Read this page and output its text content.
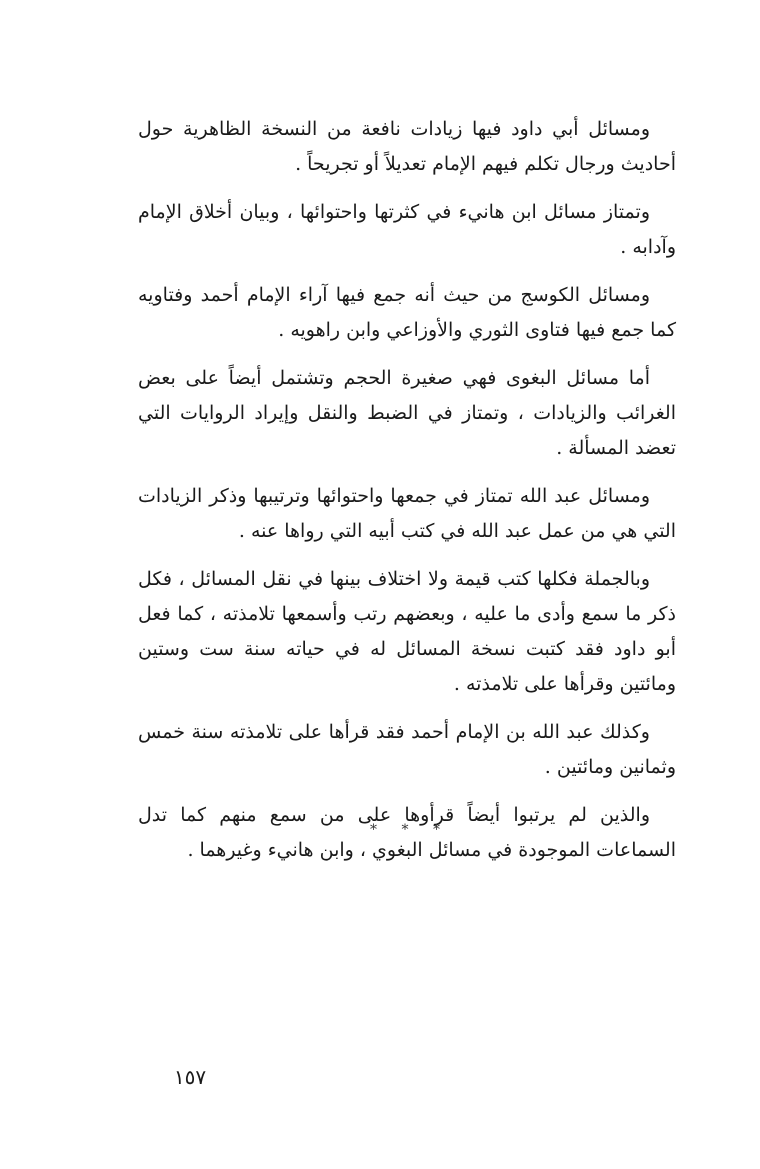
ومسائل أبي داود فيها زيادات نافعة من النسخة الظاهرية حول أحاديث ورجال تكلم فيهم الإمام تعديلاً أو تجريحاً .

وتمتاز مسائل ابن هانيء في كثرتها واحتوائها ، وبيان أخلاق الإمام وآدابه .

ومسائل الكوسج من حيث أنه جمع فيها آراء الإمام أحمد وفتاويه كما جمع فيها فتاوى الثوري والأوزاعي وابن راهويه .

أما مسائل البغوى فهي صغيرة الحجم وتشتمل أيضاً على بعض الغرائب والزيادات ، وتمتاز في الضبط والنقل وإيراد الروايات التي تعضد المسألة .

ومسائل عبد الله تمتاز في جمعها واحتوائها وترتيبها وذكر الزيادات التي هي من عمل عبد الله في كتب أبيه التي رواها عنه .

وبالجملة فكلها كتب قيمة ولا اختلاف بينها في نقل المسائل ، فكل ذكر ما سمع وأدى ما عليه ، وبعضهم رتب وأسمعها تلامذته ، كما فعل أبو داود فقد كتبت نسخة المسائل له في حياته سنة ست وستين ومائتين وقرأها على تلامذته .

وكذلك عبد الله بن الإمام أحمد فقد قرأها على تلامذته سنة خمس وثمانين ومائتين .

والذين لم يرتبوا أيضاً قرأوها على من سمع منهم كما تدل السماعات الموجودة في مسائل البغوي ، وابن هانيء وغيرهما .

* * *
١٥٧
